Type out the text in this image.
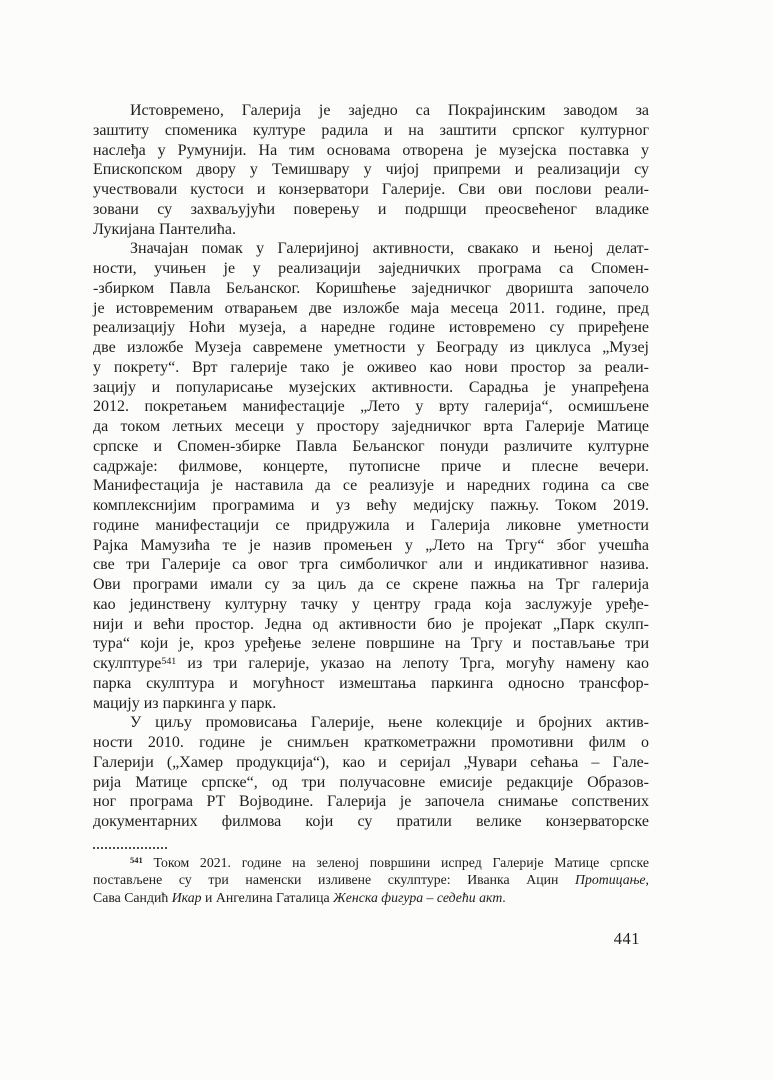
Истовремено, Галерија је заједно са Покрајинским заводом за
заштиту споменика културе радила и на заштити српског културног
наслеђа у Румунији. На тим основама отворена је музејска поставка у
Епископском двору у Темишвару у чијој припреми и реализацији су
учествовали кустоси и конзерватори Галерије. Сви ови послови реали-
зовани су захваљујући поверењу и подршци преосвећеног владике
Лукијана Пантелића.
Значајан помак у Галеријиној активности, свакако и њеној делат-
ности, учињен је у реализацији заједничких програма са Спомен-
-збирком Павла Бељанског. Коришћење заједничког дворишта започело
је истовременим отварањем две изложбе маја месеца 2011. године, пред
реализацију Ноћи музеја, а наредне године истовремено су приређене
две изложбе Музеја савремене уметности у Београду из циклуса „Музеј
у покрету“. Врт галерије тако је оживео као нови простор за реали-
зацију и популарисање музејских активности. Сарадња је унапређена
2012. покретањем манифестације „Лето у врту галерија“, осмишљене
да током летњих месеци у простору заједничког врта Галерије Матице
српске и Спомен-збирке Павла Бељанског понуди различите културне
садржаје: филмове, концерте, путописне приче и плесне вечери.
Манифестација је наставила да се реализује и наредних година са све
комплекснијим програмима и уз већу медијску пажњу. Током 2019.
године манифестацији се придружила и Галерија ликовне уметности
Рајка Мамузића те је назив промењен у „Лето на Тргу“ због учешћа
све три Галерије са овог трга симболичког али и индикативног назива.
Ови програми имали су за циљ да се скрене пажња на Трг галерија
као јединствену културну тачку у центру града која заслужује уређе-
нији и већи простор. Једна од активности био је пројекат „Парк скулп-
тура“ који је, кроз уређење зелене површине на Тргу и постављање три
скулптуре$^{541}$ из три галерије, указао на лепоту Трга, могућу намену као
парка скулптура и могућност измештања паркинга односно трансфор-
мацију из паркинга у парк.
У циљу промовисања Галерије, њене колекције и бројних актив-
ности 2010. године је снимљен краткометражни промотивни филм о
Галерији („Хамер продукција“), као и серијал „Чувари сећања – Гале-
рија Матице српске“, од три получасовне емисије редакције Образов-
ног програма РТ Војводине. Галерија је започела снимање сопствених
документарних филмова који су пратили велике конзерваторске
$^{541}$ Током 2021. године на зеленој површини испред Галерије Матице српске
постављене су три наменски изливене скулптуре: Иванка Ацин Протицање,
Сава Сандић Икар и Ангелина Гаталица Женска фигура – седећи акт.
441
